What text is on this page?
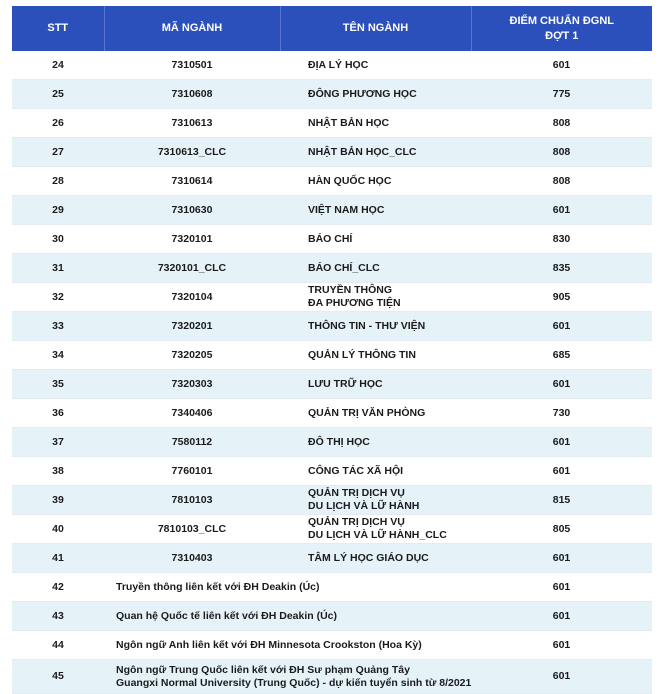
STT	MÃ NGÀNH	TÊN NGÀNH	ĐIỂM CHUẨN ĐGNL
ĐỢT 1

24	7310501	ĐỊA LÝ HỌC	601
25	7310608	ĐÔNG PHƯƠNG HỌC	775
26	7310613	NHẬT BẢN HỌC	808
27	7310613_CLC	NHẬT BẢN HỌC_CLC	808
28	7310614	HÀN QUỐC HỌC	808
29	7310630	VIỆT NAM HỌC	601
30	7320101	BÁO CHÍ	830
31	7320101_CLC	BÁO CHÍ_CLC	835
32	7320104	TRUYỀN THÔNG
ĐA PHƯƠNG TIỆN	905
33	7320201	THÔNG TIN - THƯ VIỆN	601
34	7320205	QUẢN LÝ THÔNG TIN	685
35	7320303	LƯU TRỮ HỌC	601
36	7340406	QUẢN TRỊ VĂN PHÒNG	730
37	7580112	ĐÔ THỊ HỌC	601
38	7760101	CÔNG TÁC XÃ HỘI	601
39	7810103	QUẢN TRỊ DỊCH VỤ
DU LỊCH VÀ LỮ HÀNH	815
40	7810103_CLC	QUẢN TRỊ DỊCH VỤ
DU LỊCH VÀ LỮ HÀNH_CLC	805
41	7310403	TÂM LÝ HỌC GIÁO DỤC	601
42	Truyền thông liên kết với ĐH Deakin (Úc)		601
43	Quan hệ Quốc tế liên kết với ĐH Deakin (Úc)		601
44	Ngôn ngữ Anh liên kết với ĐH Minnesota Crookston (Hoa Kỳ)		601
45	Ngôn ngữ Trung Quốc liên kết với ĐH Sư phạm Quảng Tây
Guangxi Normal University (Trung Quốc) - dự kiến tuyển sinh từ 8/2021		601
